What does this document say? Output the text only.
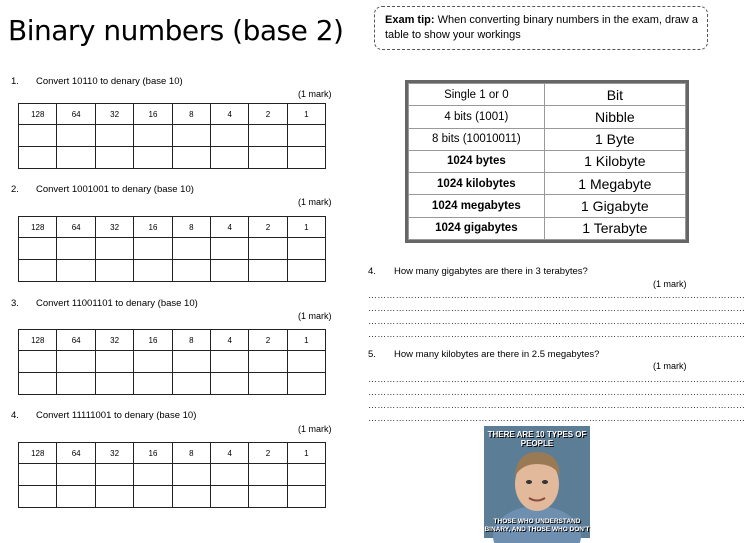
Binary numbers (base 2)	Exam tip: When converting binary numbers in the exam, draw a table to show your workings
1. Convert 10110 to denary (base 10)
(1 mark)
128	64	32	16	8	4	2	1

2. Convert 1001001 to denary (base 10)
(1 mark)
128	64	32	16	8	4	2	1

3. Convert 11001101 to denary (base 10)
(1 mark)
128	64	32	16	8	4	2	1

4. Convert 11111001 to denary (base 10)
(1 mark)
128	64	32	16	8	4	2	1

Single 1 or 0	Bit
4 bits (1001)	Nibble
8 bits (10010011)	1 Byte
1024 bytes	1 Kilobyte
1024 kilobytes	1 Megabyte
1024 megabytes	1 Gigabyte
1024 gigabytes	1 Terabyte
4. How many gigabytes are there in 3 terabytes?
(1 mark)
……………………………………………………………………………………………………………
……………………………………………………………………………………………………………
……………………………………………………………………………………………………………
……………………………………………………………………………………………………………
5. How many kilobytes are there in 2.5 megabytes?
(1 mark)
……………………………………………………………………………………………………………
……………………………………………………………………………………………………………
……………………………………………………………………………………………………………
……………………………………………………………………………………………………………
THERE ARE 10 TYPES OF PEOPLE
THOSE WHO UNDERSTAND BINARY, AND THOSE WHO DON'T
